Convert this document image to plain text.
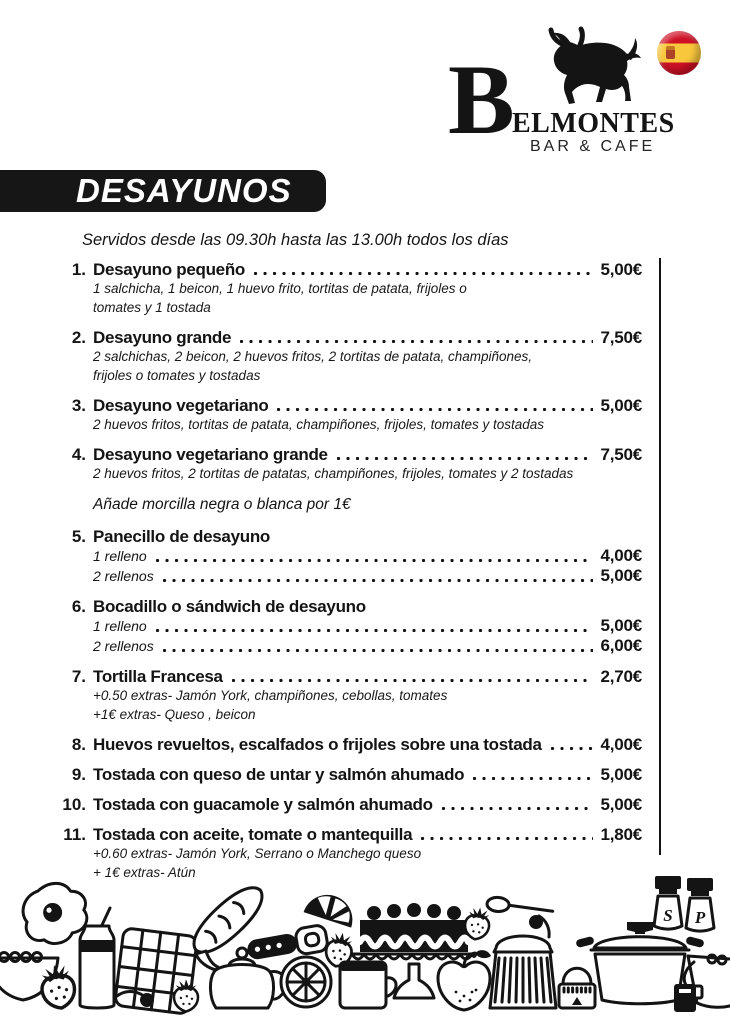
B
ELMONTES
BAR & CAFE
DESAYUNOS
Servidos desde las 09.30h hasta las 13.00h todos los días
1. Desayuno pequeño	5,00€
1 salchicha, 1 beicon, 1 huevo frito, tortitas de patata, frijoles o
tomates y 1 tostada
2. Desayuno grande	7,50€
2 salchichas, 2 beicon, 2 huevos fritos, 2 tortitas de patata, champiñones,
frijoles o tomates y tostadas
3. Desayuno vegetariano	5,00€
2 huevos fritos, tortitas de patata, champiñones, frijoles, tomates y tostadas
4. Desayuno vegetariano grande	7,50€
2 huevos fritos, 2 tortitas de patatas, champiñones, frijoles, tomates y 2 tostadas
Añade morcilla negra o blanca por 1€
5. Panecillo de desayuno
1 relleno	4,00€
2 rellenos	5,00€
6. Bocadillo o sándwich de desayuno
1 relleno	5,00€
2 rellenos	6,00€
7. Tortilla Francesa	2,70€
+0.50 extras- Jamón York, champiñones, cebollas, tomates
+1€ extras- Queso , beicon
8. Huevos revueltos, escalfados o frijoles sobre una tostada	4,00€
9. Tostada con queso de untar y salmón ahumado	5,00€
10. Tostada con guacamole y salmón ahumado	5,00€
11. Tostada con aceite, tomate o mantequilla	1,80€
+0.60 extras- Jamón York, Serrano o Manchego queso
+ 1€ extras- Atún
S P
